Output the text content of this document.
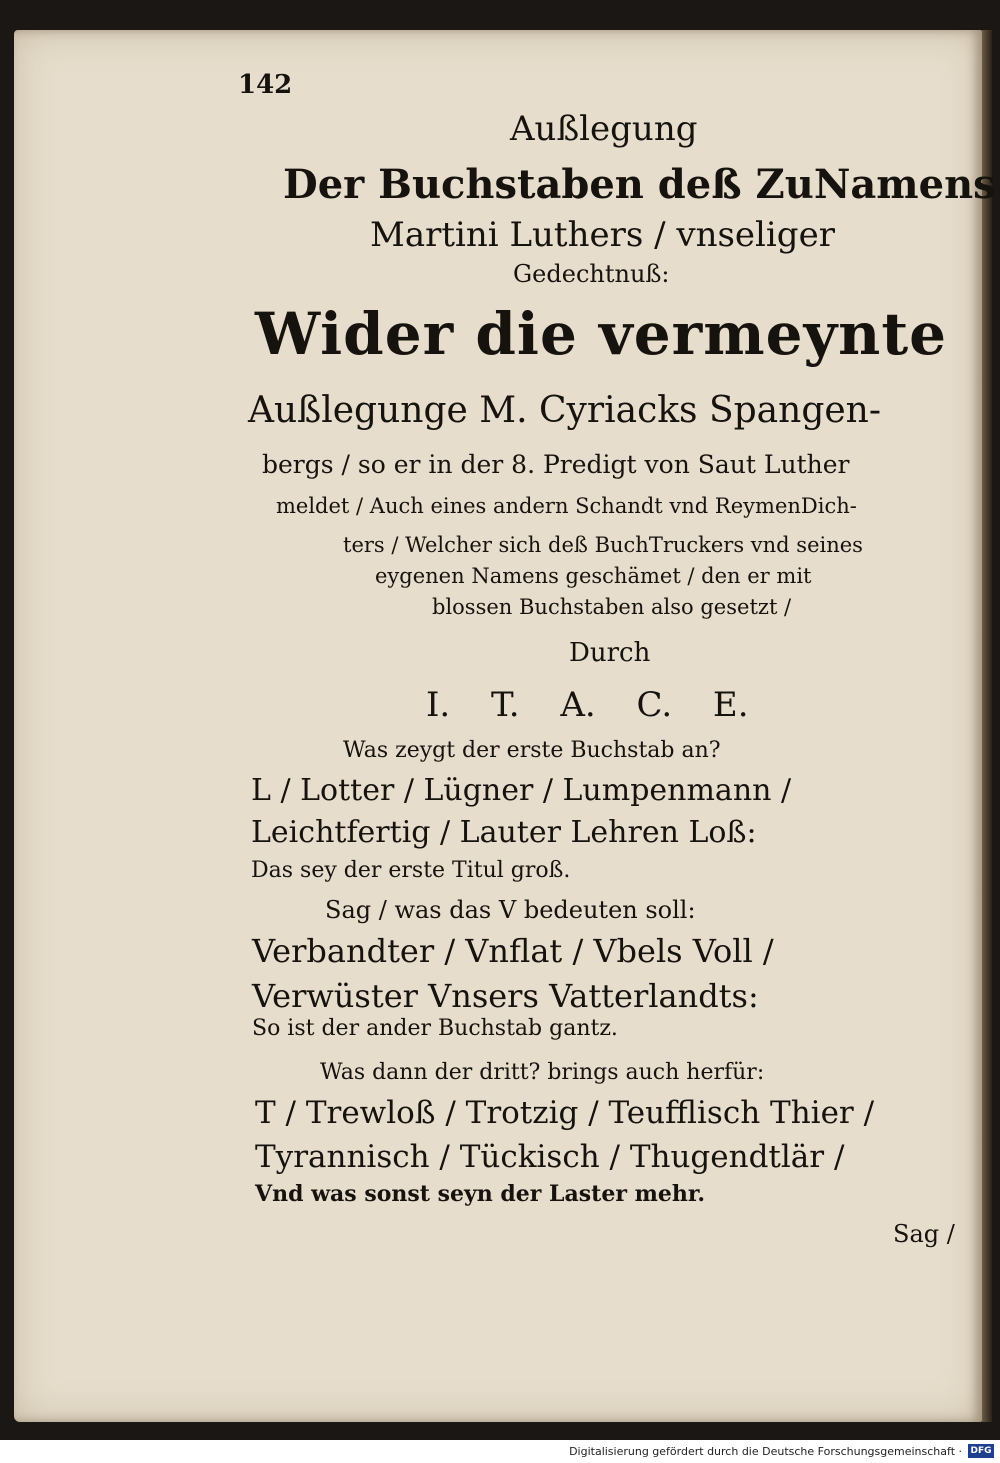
142
Außlegung
Der Buchstaben deß ZuNamens
Martini Luthers / vnseliger
Gedechtnuß:
Wider die vermeynte
Außlegunge M. Cyriacks Spangen-
bergs / so er in der 8. Predigt von Saut Luther
meldet / Auch eines andern Schandt vnd ReymenDich-
ters / Welcher sich deß BuchTruckers vnd seines
eygenen Namens geschämet / den er mit
blossen Buchstaben also gesetzt /
Durch
I. T. A. C. E.
Was zeygt der erste Buchstab an?
L / Lotter / Lügner / Lumpenmann /
Leichtfertig / Lauter Lehren Loß:
Das sey der erste Titul groß.
Sag / was das V bedeuten soll:
Verbandter / Vnflat / Vbels Voll /
Verwüster Vnsers Vatterlandts:
So ist der ander Buchstab gantz.
Was dann der dritt? brings auch herfür:
T / Trewloß / Trotzig / Teufflisch Thier /
Tyrannisch / Tückisch / Thugendtlär /
Vnd was sonst seyn der Laster mehr.
Sag /
Digitalisierung gefördert durch die Deutsche Forschungsgemeinschaft · DFG
